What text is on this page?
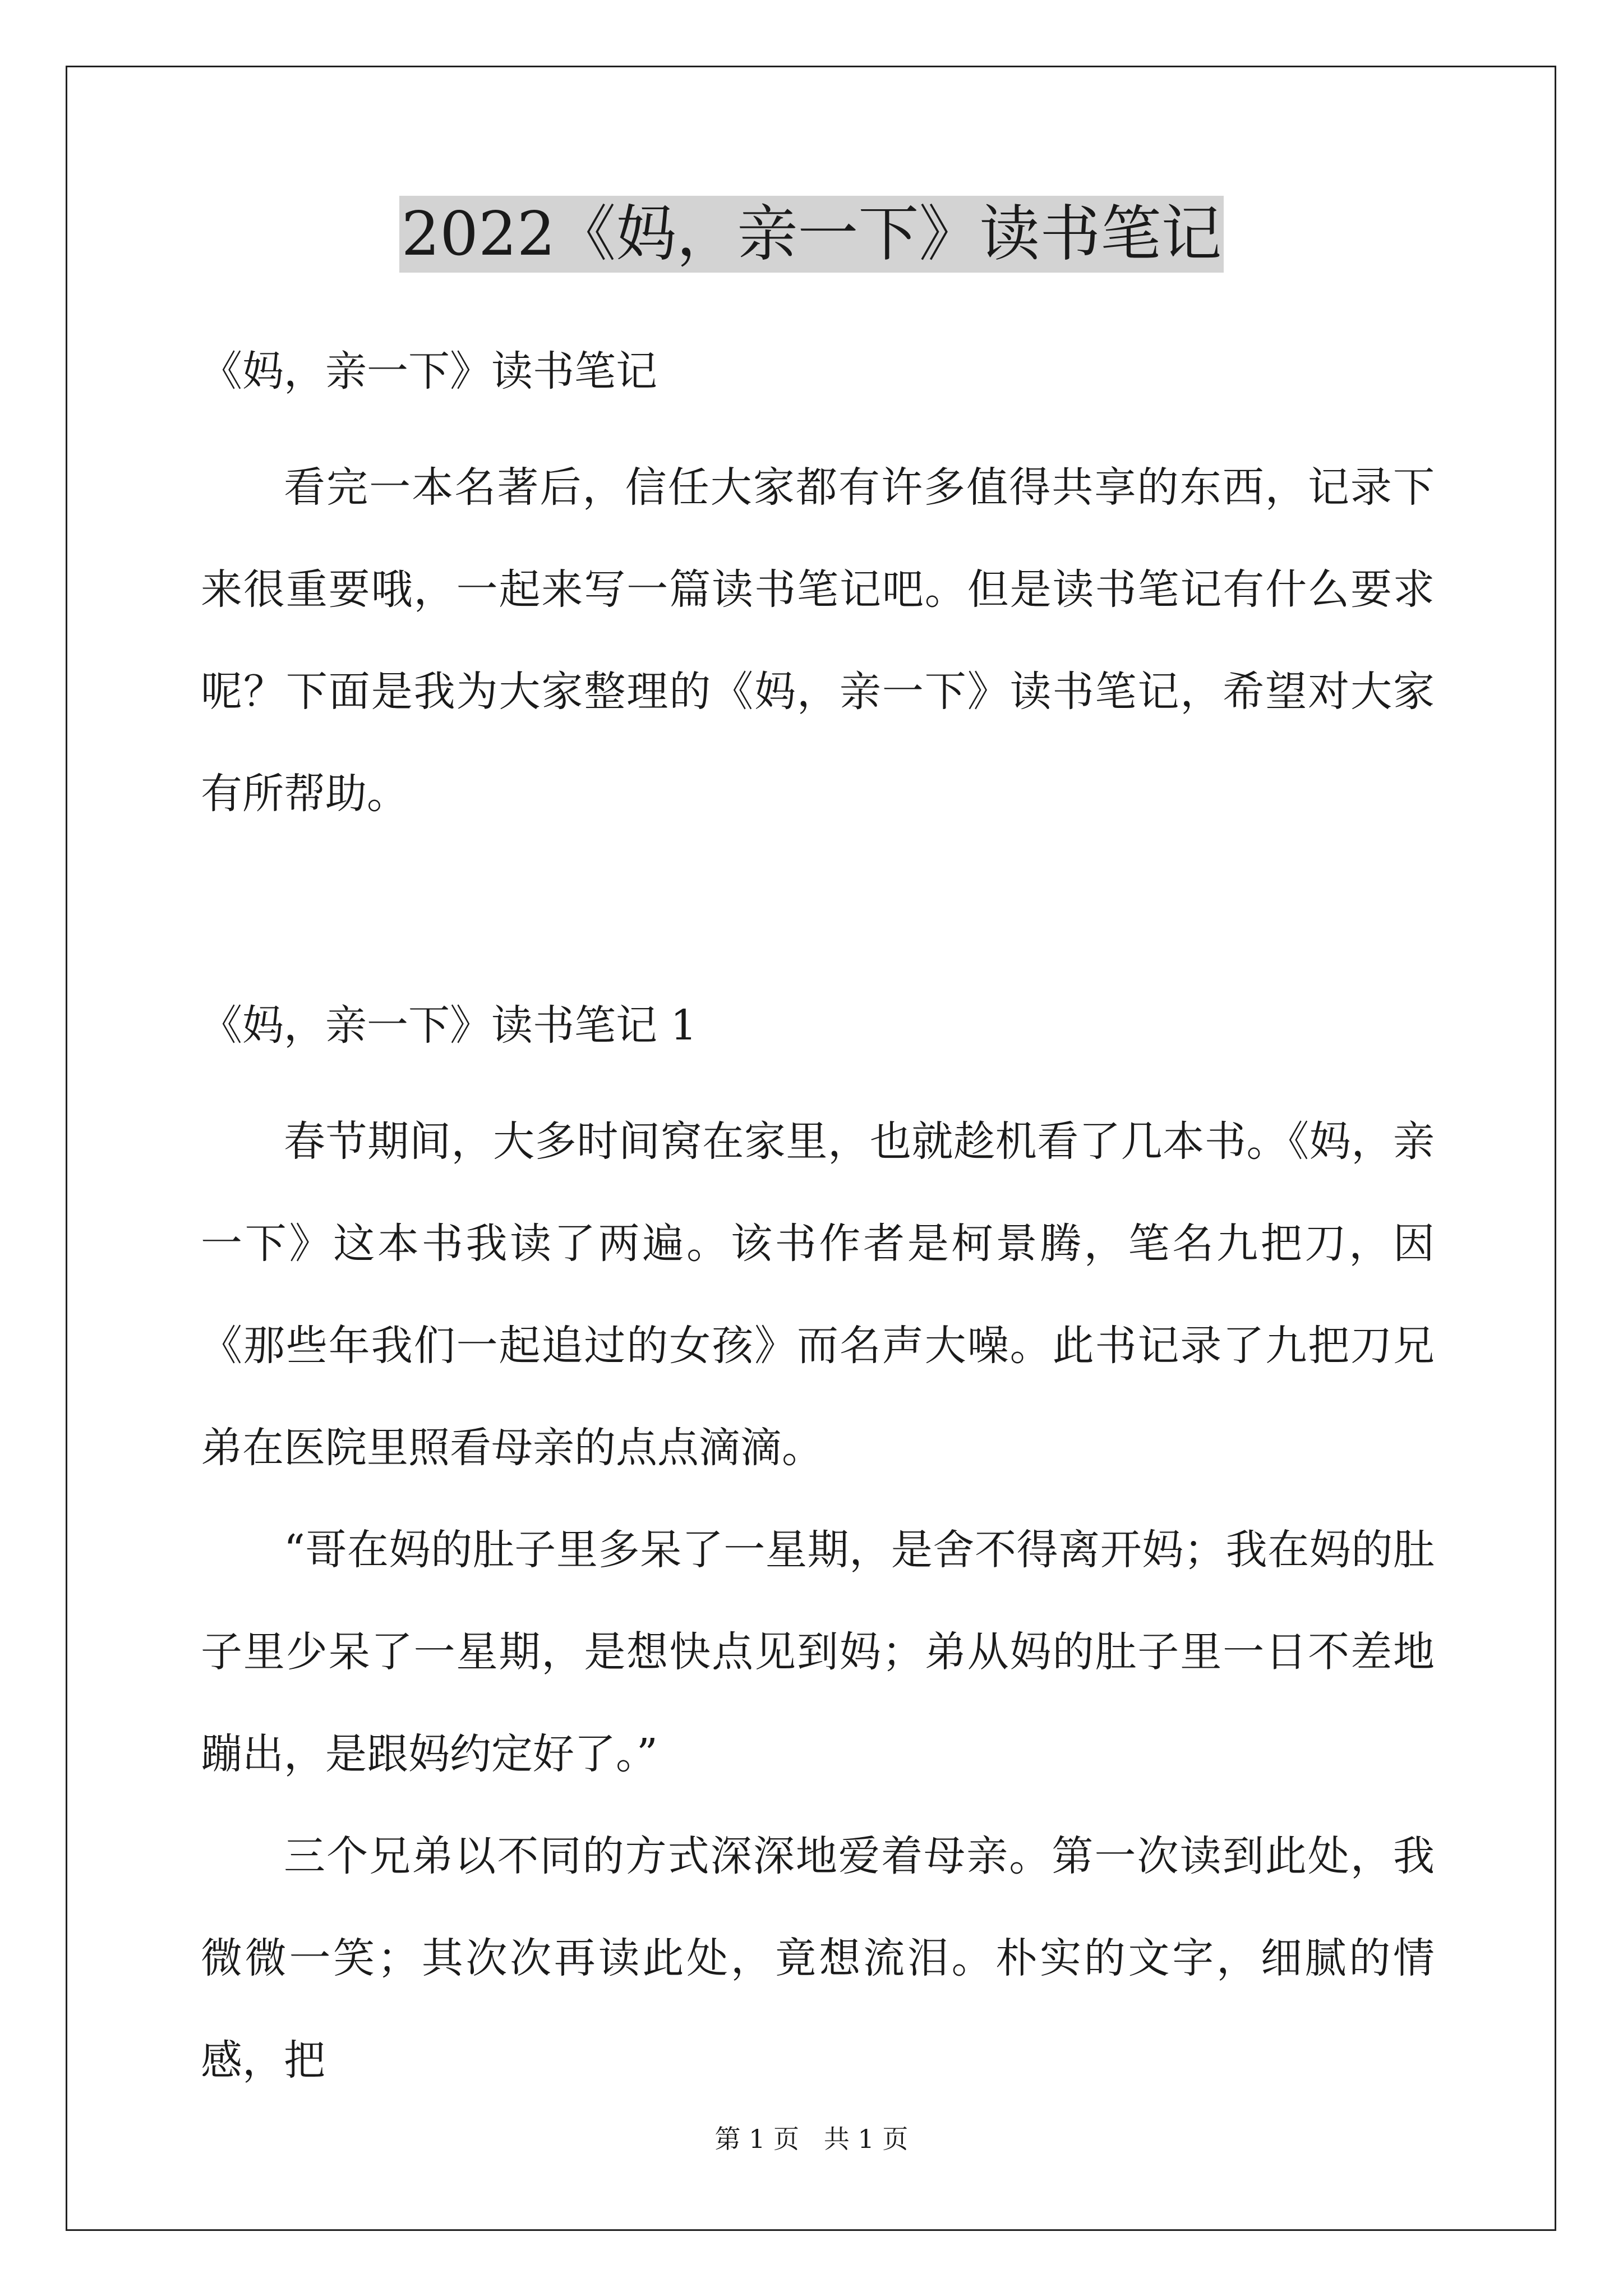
2022《妈，亲一下》读书笔记
《妈，亲一下》读书笔记
看完一本名著后，信任大家都有许多值得共享的东西，记录下来很重要哦，一起来写一篇读书笔记吧。但是读书笔记有什么要求呢？下面是我为大家整理的《妈，亲一下》读书笔记，希望对大家有所帮助。
《妈，亲一下》读书笔记 1
春节期间，大多时间窝在家里，也就趁机看了几本书。《妈，亲一下》这本书我读了两遍。该书作者是柯景腾，笔名九把刀，因《那些年我们一起追过的女孩》而名声大噪。此书记录了九把刀兄弟在医院里照看母亲的点点滴滴。
“哥在妈的肚子里多呆了一星期，是舍不得离开妈；我在妈的肚子里少呆了一星期，是想快点见到妈；弟从妈的肚子里一日不差地蹦出，是跟妈约定好了。”
三个兄弟以不同的方式深深地爱着母亲。第一次读到此处，我微微一笑；其次次再读此处，竟想流泪。朴实的文字，细腻的情感，把
第 1 页   共 1 页
